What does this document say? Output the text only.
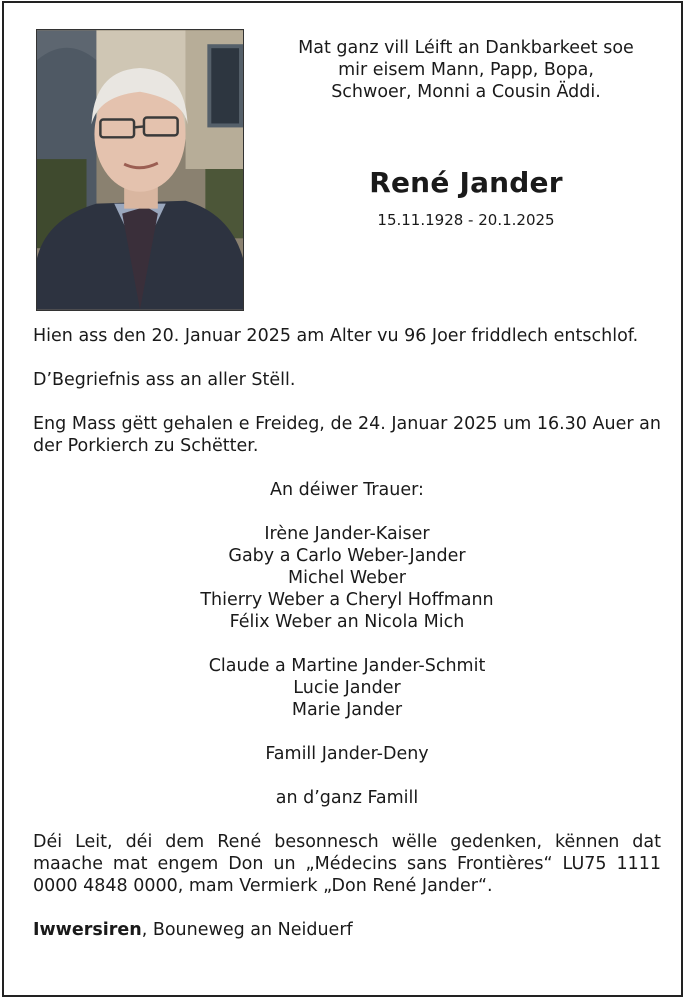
Mat ganz vill Léift an Dankbarkeet soe
mir eisem Mann, Papp, Bopa,
Schwoer, Monni a Cousin Äddi.
René Jander
15.11.1928 - 20.1.2025

Hien ass den 20. Januar 2025 am Alter vu 96 Joer friddlech entschlof.

D’Begriefnis ass an aller Stëll.

Eng Mass gëtt gehalen e Freideg, de 24. Januar 2025 um 16.30 Auer an der Porkierch zu Schëtter.

An déiwer Trauer:
Irène Jander-Kaiser
Gaby a Carlo Weber-Jander
Michel Weber
Thierry Weber a Cheryl Hoffmann
Félix Weber an Nicola Mich
Claude a Martine Jander-Schmit
Lucie Jander
Marie Jander
Famill Jander-Deny
an d’ganz Famill

Déi Leit, déi dem René besonnesch wëlle gedenken, kënnen dat maache mat engem Don un „Médecins sans Frontières“ LU75 1111 0000 4848 0000, mam Vermierk „Don René Jander“.

Iwwersiren, Bouneweg an Neiduerf
